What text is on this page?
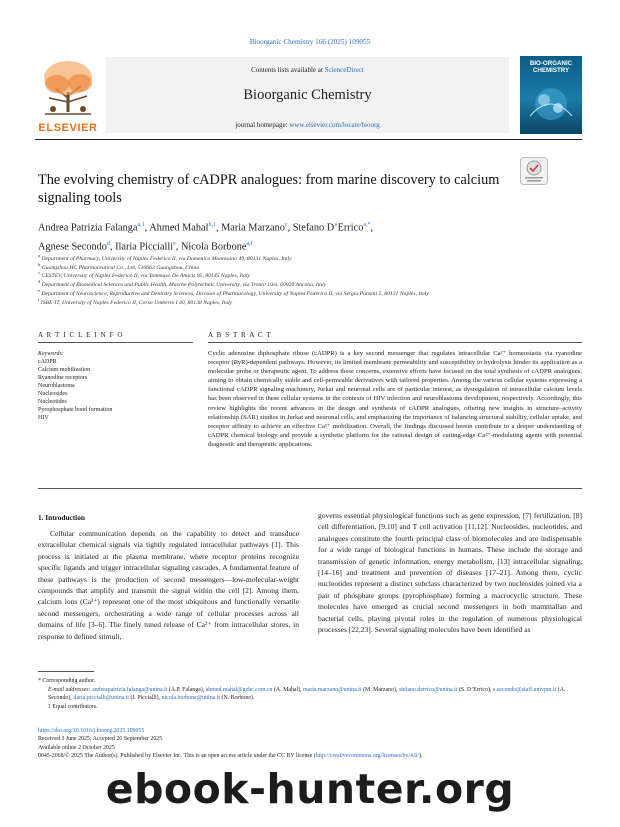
Bioorganic Chemistry 166 (2025) 109055
ELSEVIER
Contents lists available at ScienceDirect
Bioorganic Chemistry
journal homepage: www.elsevier.com/locate/bioorg
BIO-ORGANIC CHEMISTRY
The evolving chemistry of cADPR analogues: from marine discovery to calcium signaling tools
Andrea Patrizia Falanga$^{a,1}$, Ahmed Mahal$^{b,1}$, Maria Marzano$^c$, Stefano D’Errico$^{a,*}$,
Agnese Secondo$^d$, Ilaria Piccialli$^e$, Nicola Borbone$^{a,f}$
$^a$ Department of Pharmacy, University of Naples Federico II, via Domenico Montesano 49, 80131 Naples, Italy
$^b$ Guangzhou HC Pharmaceutical Co., Ltd, 510663 Guangzhou, China
$^c$ CESTEV, University of Naples Federico II, via Tommaso De Amicis 95, 80145 Naples, Italy
$^d$ Department of Biomedical Sciences and Public Health, Marche Polytechnic University, via Tronto 10/a, 60020 Ancona, Italy
$^e$ Department of Neuroscience, Reproductive and Dentistry Sciences, Division of Pharmacology, University of Naples Federico II, via Sergio Pansini 5, 80131 Naples, Italy
$^f$ ISBE-IT, University of Naples Federico II, Corso Umberto I 40, 80138 Naples, Italy
A R T I C L E I N F O	A B S T R A C T
Keywords:
cADPR
Calcium mobilization
Ryanodine receptors
Neuroblastoma
Nucleosides
Nucleotides
Pyrophosphate bond formation
HIV
Cyclic adenosine diphosphate ribose (cADPR) is a key second messenger that regulates intracellular Ca²⁺ homeostasis via ryanodine receptor (RyR)-dependent pathways. However, its limited membrane permeability and susceptibility to hydrolysis hinder its application as a molecular probe or therapeutic agent. To address these concerns, extensive efforts have focused on the total synthesis of cADPR analogues, aiming to obtain chemically stable and cell-permeable derivatives with tailored properties. Among the various cellular systems expressing a functional cADPR signaling machinery, Jurkat and neuronal cells are of particular interest, as dysregulation of intracellular calcium levels has been observed in these cellular systems in the contexts of HIV infection and neuroblastoma development, respectively. Accordingly, this review highlights the recent advances in the design and synthesis of cADPR analogues, offering new insights in structure–activity relationship (SAR) studies in Jurkat and neuronal cells, and emphasizing the importance of balancing structural stability, cellular uptake, and receptor affinity to achieve an effective Ca²⁺ mobilization. Overall, the findings discussed herein contribute to a deeper understanding of cADPR chemical biology and provide a synthetic platform for the rational design of cutting-edge Ca²⁺-modulating agents with potential diagnostic and therapeutic applications.
1. Introduction
Cellular communication depends on the capability to detect and transduce extracellular chemical signals via tightly regulated intracellular pathways [1]. This process is initiated at the plasma membrane, where receptor proteins recognize specific ligands and trigger intracellular signaling cascades. A fundamental feature of these pathways is the production of second messengers—low-molecular-weight compounds that amplify and transmit the signal within the cell [2]. Among them, calcium ions (Ca²⁺) represent one of the most ubiquitous and functionally versatile second messengers, orchestrating a wide range of cellular processes across all domains of life [3–6]. The finely tuned release of Ca²⁺ from intracellular stores, in response to defined stimuli,
governs essential physiological functions such as gene expression, [7] fertilization, [8] cell differentiation, [9,10] and T cell activation [11,12]. Nucleosides, nucleotides, and analogues constitute the fourth principal class of biomolecules and are indispensable for a wide range of biological functions in humans. These include the storage and transmission of genetic information, energy metabolism, [13] intracellular signaling, [14–16] and treatment and prevention of diseases [17–21]. Among them, cyclic nucleotides represent a distinct subclass characterized by two nucleosides joined via a pair of phosphate groups (pyrophosphate) forming a macrocyclic structure. These molecules have emerged as crucial second messengers in both mammalian and bacterial cells, playing pivotal roles in the regulation of numerous physiological processes [22,23]. Several signaling molecules have been identified as
* Corresponding author.
E-mail addresses: andreapatrizia.falanga@unina.it (A.P. Falanga), ahmed.mahal@gzhc.com.cn (A. Mahal), maria.marzano@unina.it (M. Marzano), stefano.derrico@unina.it (S. D’Errico), a.secondo@staff.univpm.it (A. Secondo), ilaria.piccialli@unina.it (I. Piccialli), nicola.borbone@unina.it (N. Borbone).
1 Equal contributors.
https://doi.org/10.1016/j.bioorg.2025.109055
Received 3 June 2025; Accepted 26 September 2025
Available online 2 October 2025
0045-2068/© 2025 The Author(s). Published by Elsevier Inc. This is an open access article under the CC BY license (http://creativecommons.org/licenses/by/4.0/).
ebook-hunter.org
